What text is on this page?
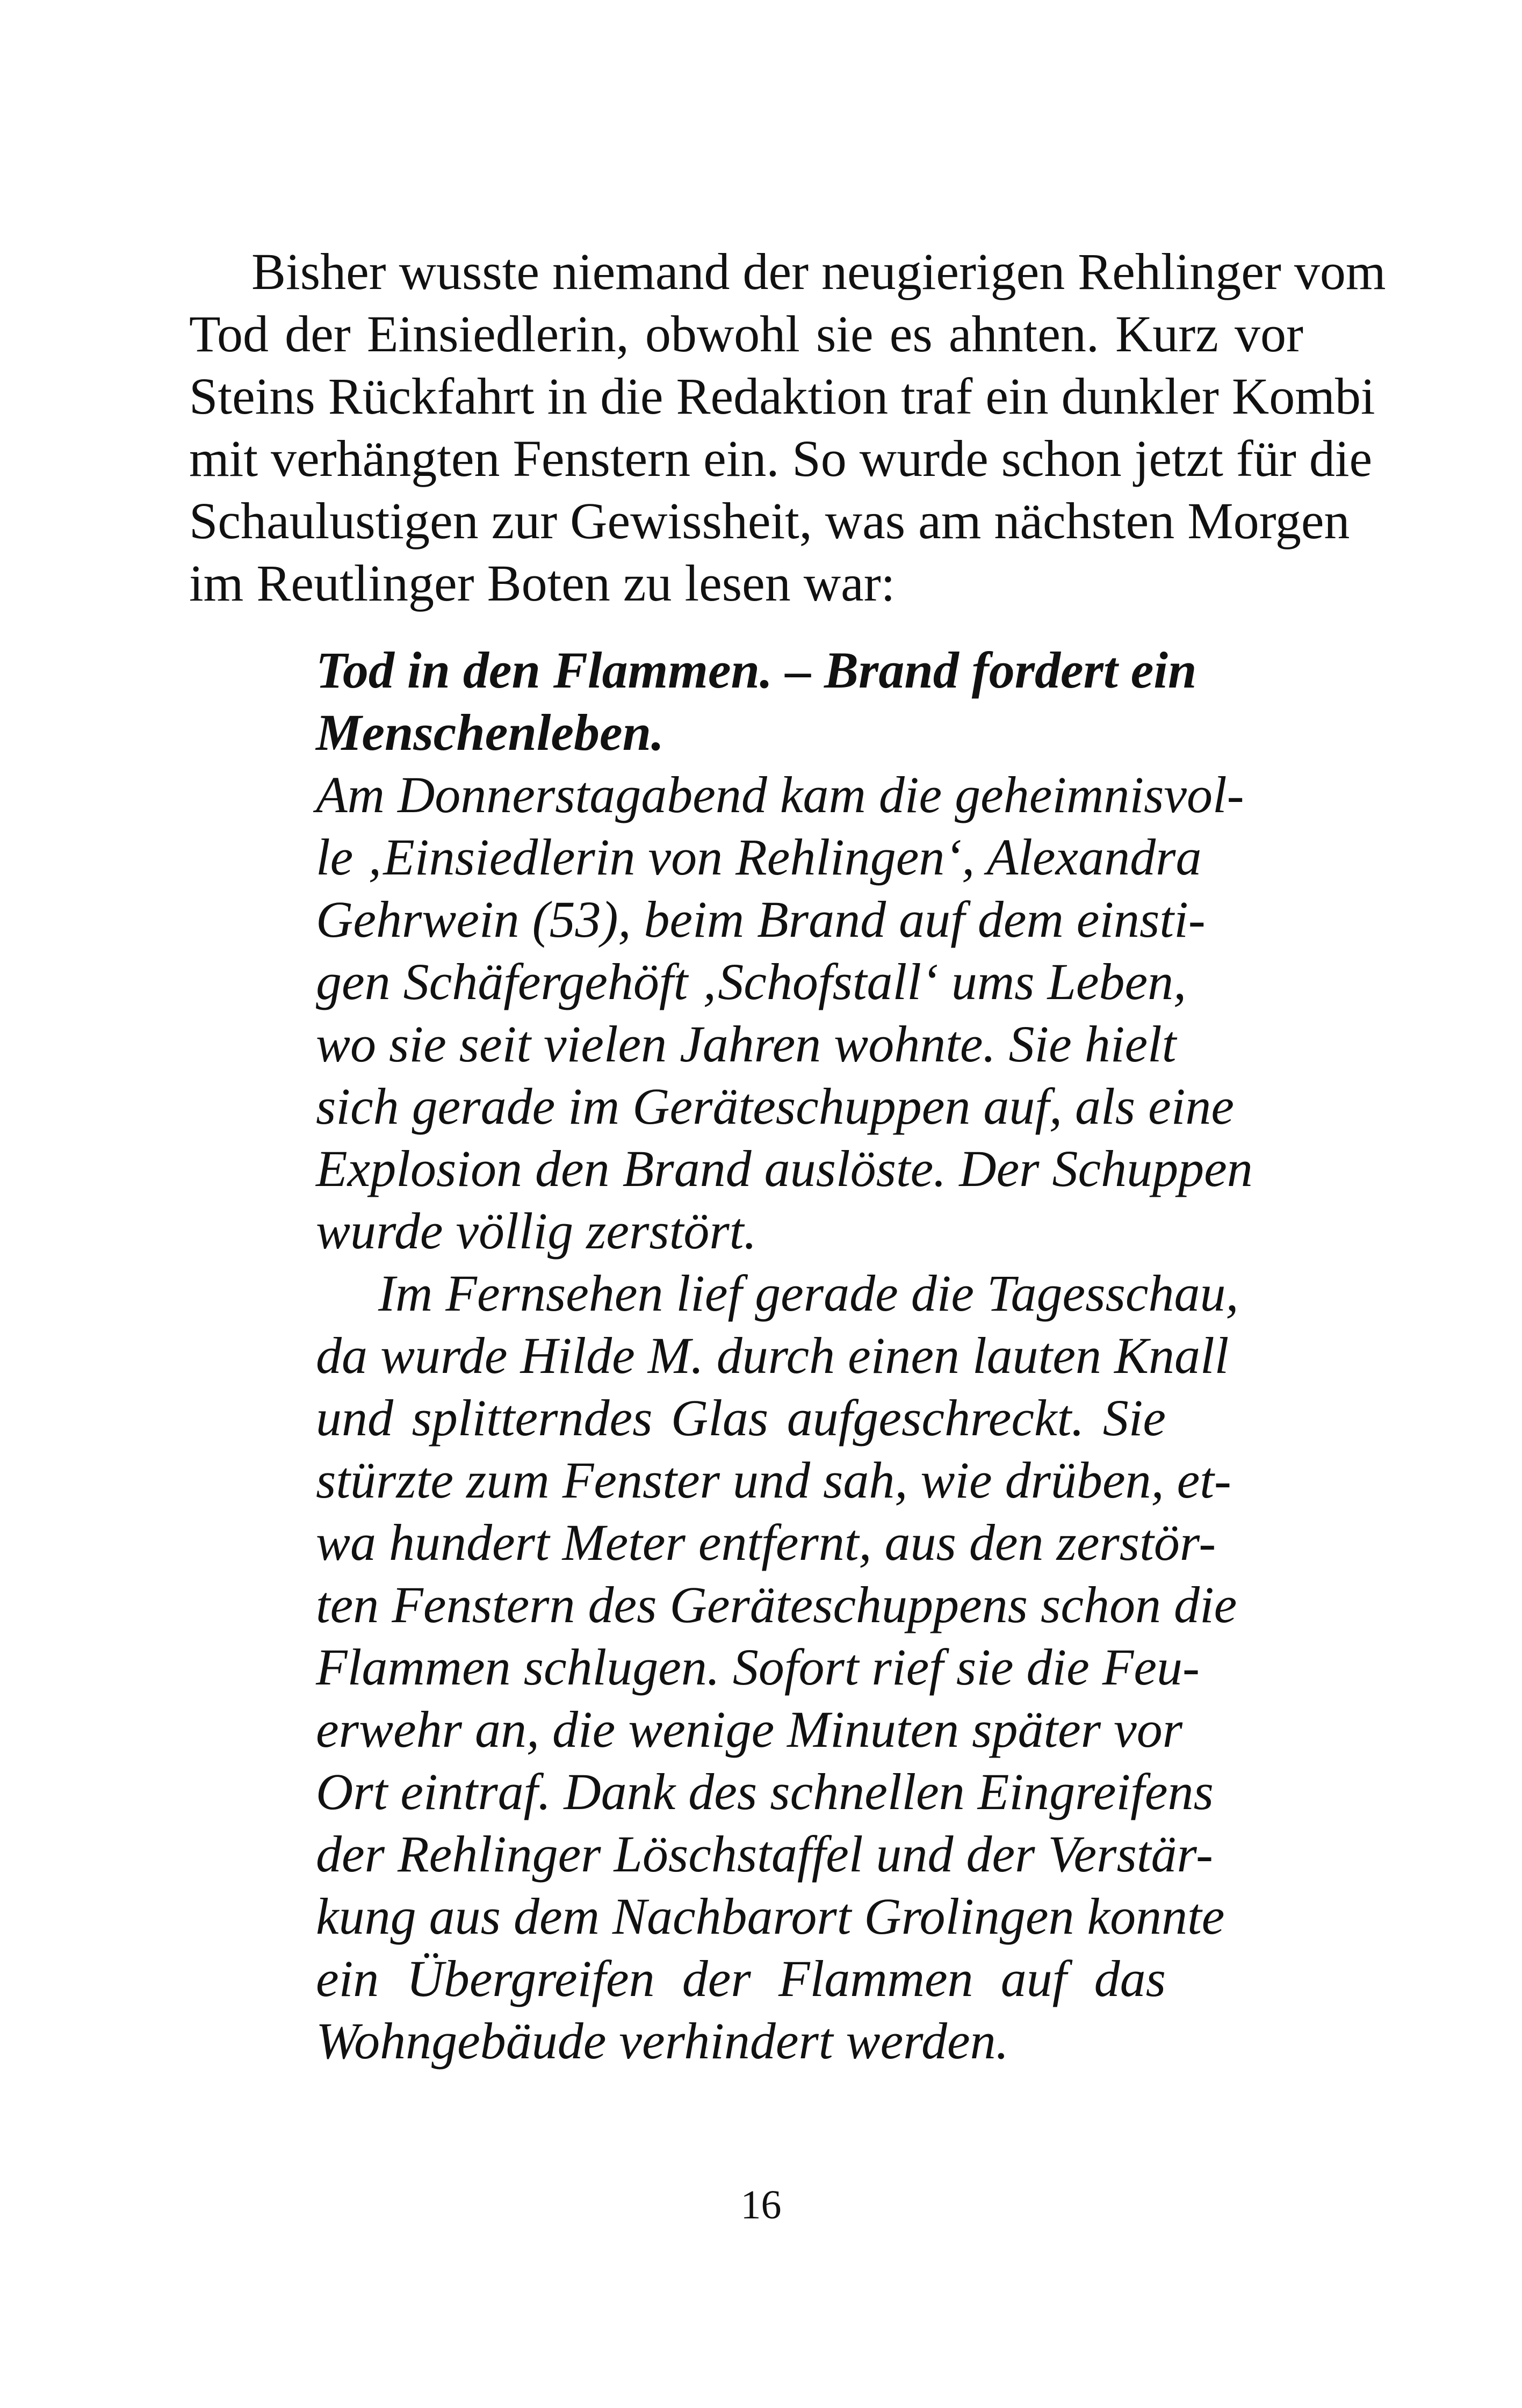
Bisher wusste niemand der neugierigen Rehlinger vom
Tod der Einsiedlerin, obwohl sie es ahnten. Kurz vor
Steins Rückfahrt in die Redaktion traf ein dunkler Kombi
mit verhängten Fenstern ein. So wurde schon jetzt für die
Schaulustigen zur Gewissheit, was am nächsten Morgen
im Reutlinger Boten zu lesen war:
Tod in den Flammen. – Brand fordert ein
Menschenleben.
Am Donnerstagabend kam die geheimnisvol-
le ‚Einsiedlerin von Rehlingen‘, Alexandra
Gehrwein (53), beim Brand auf dem einsti-
gen Schäfergehöft ‚Schofstall‘ ums Leben,
wo sie seit vielen Jahren wohnte. Sie hielt
sich gerade im Geräteschuppen auf, als eine
Explosion den Brand auslöste. Der Schuppen
wurde völlig zerstört.
Im Fernsehen lief gerade die Tagesschau,
da wurde Hilde M. durch einen lauten Knall
und splitterndes Glas aufgeschreckt. Sie
stürzte zum Fenster und sah, wie drüben, et-
wa hundert Meter entfernt, aus den zerstör-
ten Fenstern des Geräteschuppens schon die
Flammen schlugen. Sofort rief sie die Feu-
erwehr an, die wenige Minuten später vor
Ort eintraf. Dank des schnellen Eingreifens
der Rehlinger Löschstaffel und der Verstär-
kung aus dem Nachbarort Grolingen konnte
ein Übergreifen der Flammen auf das
Wohngebäude verhindert werden.
16
